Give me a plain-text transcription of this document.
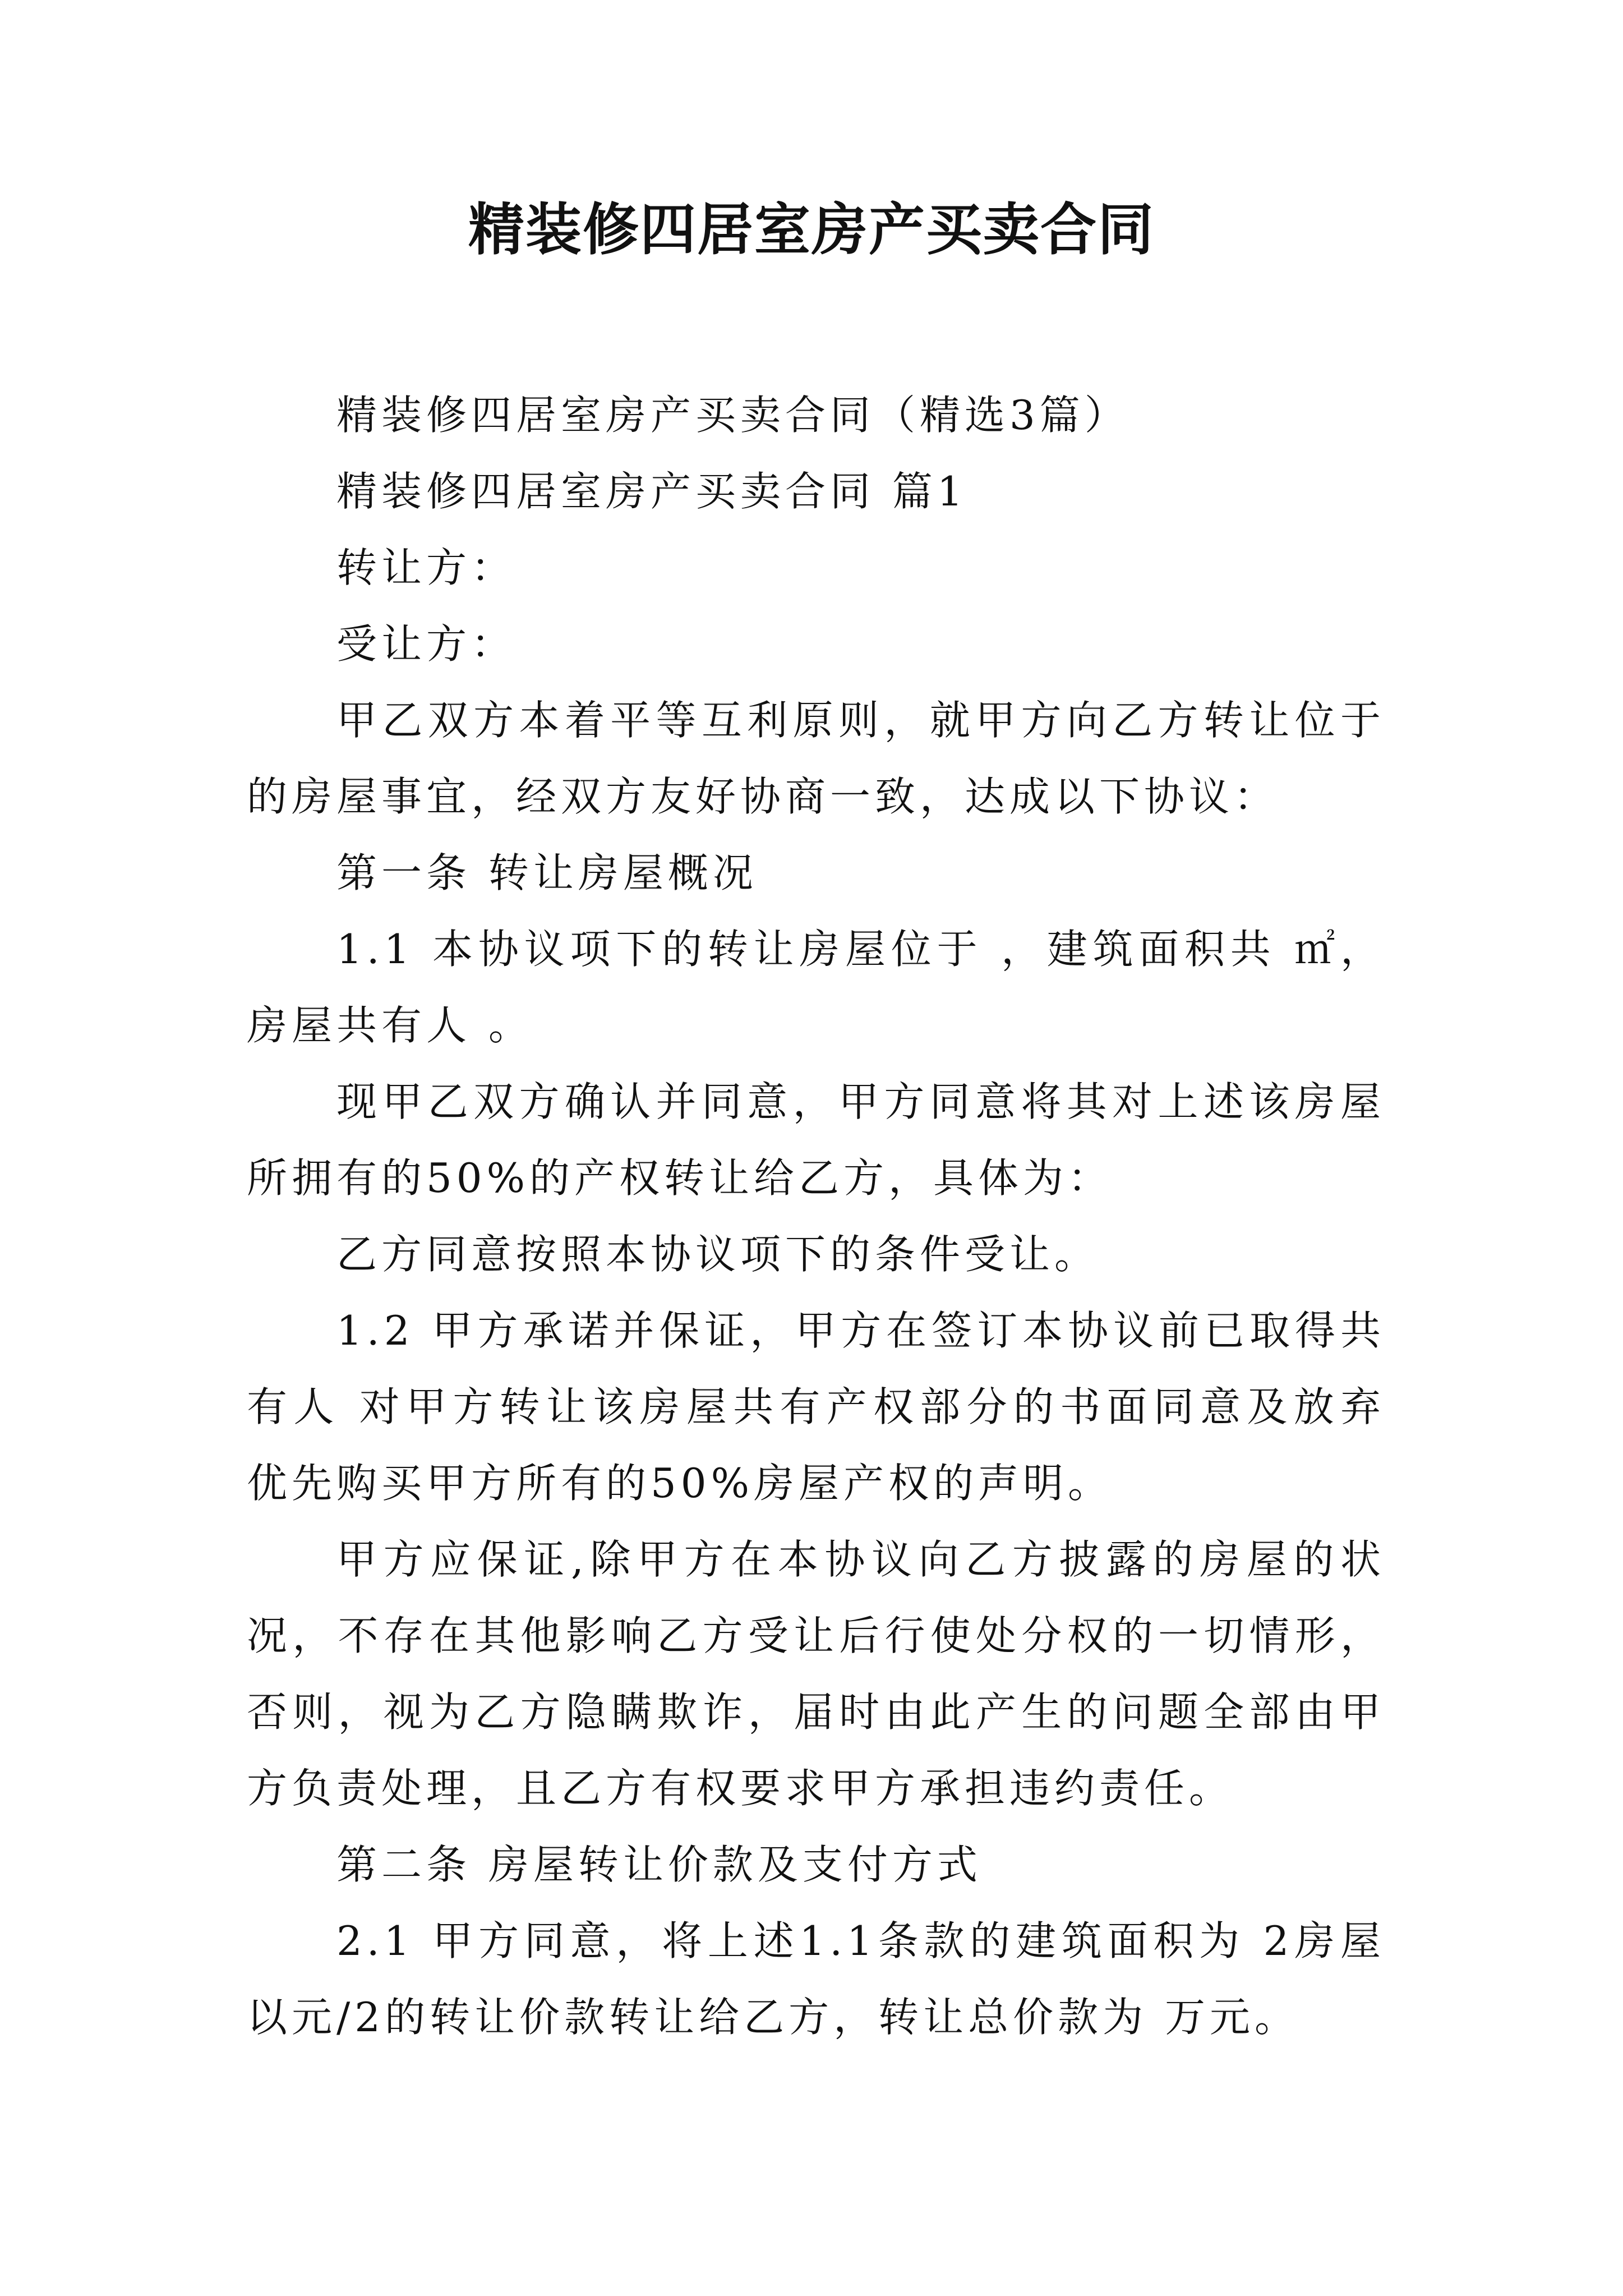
精装修四居室房产买卖合同

精装修四居室房产买卖合同（精选3篇）

精装修四居室房产买卖合同 篇1

转让方：

受让方：

甲乙双方本着平等互利原则，就甲方向乙方转让位于的房屋事宜，经双方友好协商一致，达成以下协议：

第一条 转让房屋概况

1.1 本协议项下的转让房屋位于 ，建筑面积共 ㎡，房屋共有人 。

现甲乙双方确认并同意，甲方同意将其对上述该房屋所拥有的50%的产权转让给乙方，具体为：

乙方同意按照本协议项下的条件受让。

1.2 甲方承诺并保证，甲方在签订本协议前已取得共有人 对甲方转让该房屋共有产权部分的书面同意及放弃优先购买甲方所有的50%房屋产权的声明。

甲方应保证,除甲方在本协议向乙方披露的房屋的状况，不存在其他影响乙方受让后行使处分权的一切情形，否则，视为乙方隐瞒欺诈，届时由此产生的问题全部由甲方负责处理，且乙方有权要求甲方承担违约责任。

第二条 房屋转让价款及支付方式

2.1 甲方同意，将上述1.1条款的建筑面积为 2房屋以元/2的转让价款转让给乙方，转让总价款为 万元。
